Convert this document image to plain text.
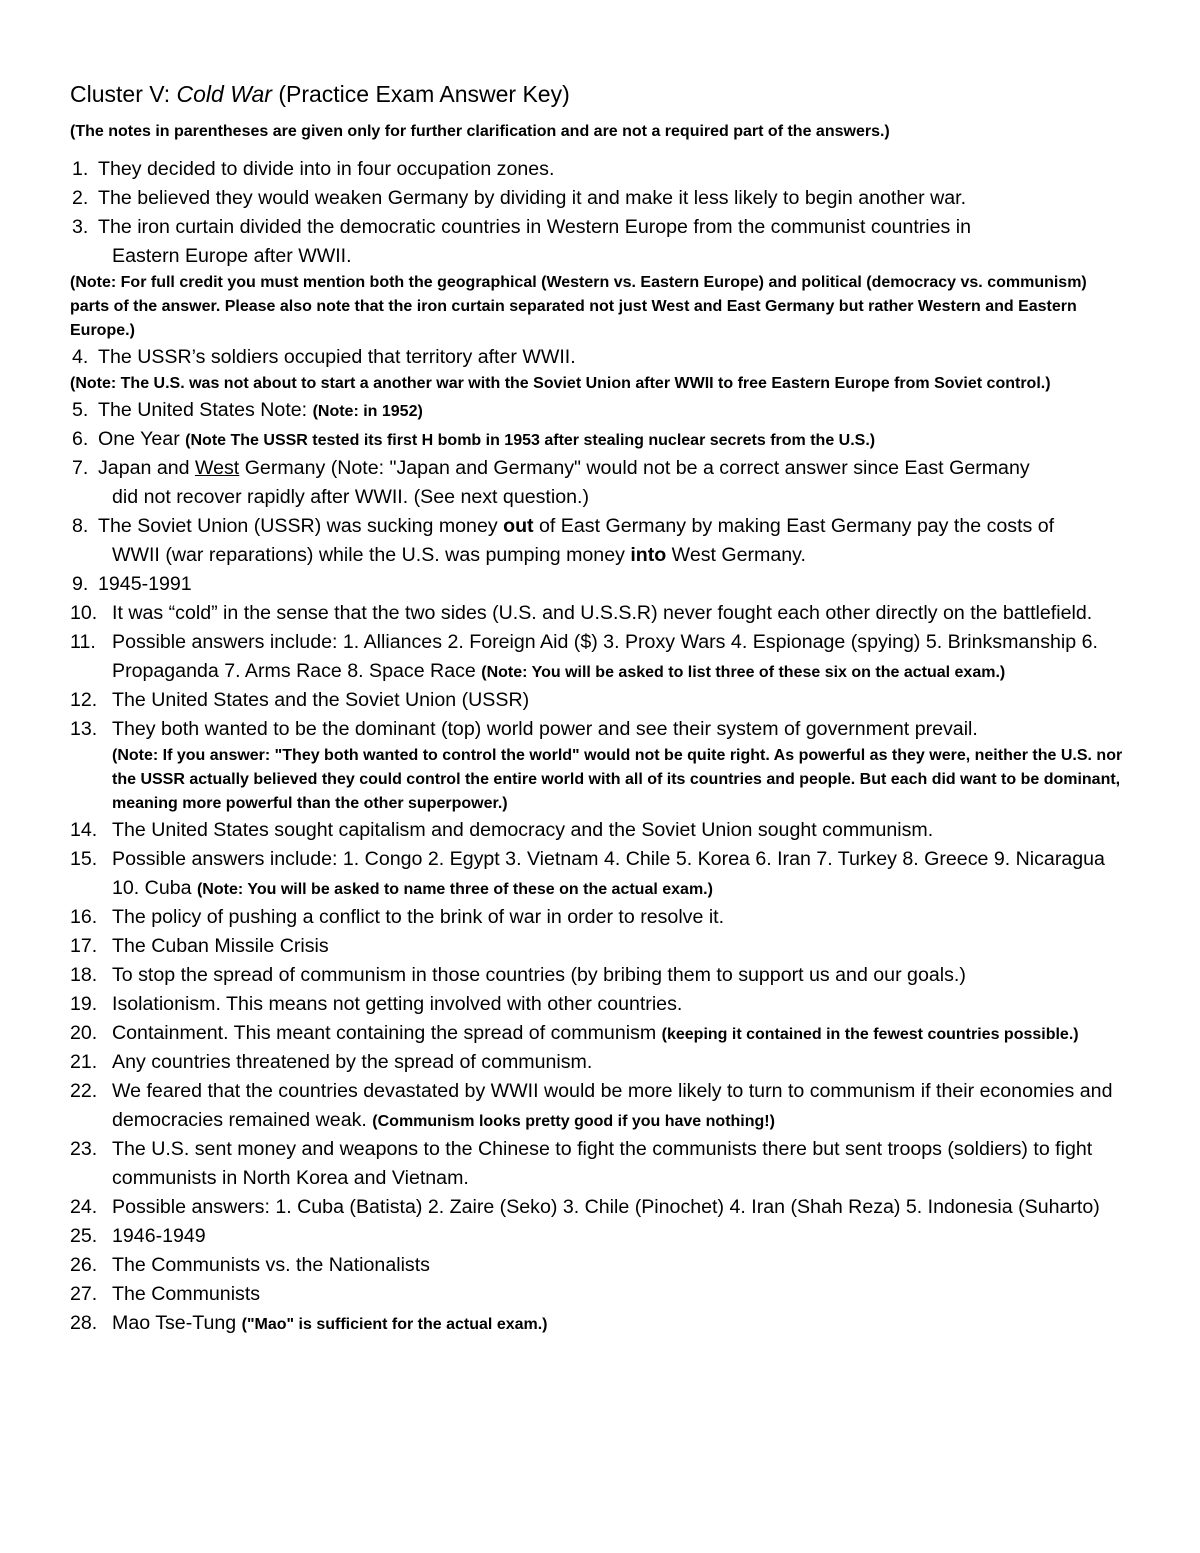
Cluster V: Cold War (Practice Exam Answer Key)

(The notes in parentheses are given only for further clarification and are not a required part of the answers.)

1. They decided to divide into in four occupation zones.
2. The believed they would weaken Germany by dividing it and make it less likely to begin another war.
3. The iron curtain divided the democratic countries in Western Europe from the communist countries in
Eastern Europe after WWII.

(Note: For full credit you must mention both the geographical (Western vs. Eastern Europe) and political (democracy vs. communism) parts of the answer. Please also note that the iron curtain separated not just West and East Germany but rather Western and Eastern Europe.)

4. The USSR’s soldiers occupied that territory after WWII.

(Note: The U.S. was not about to start a another war with the Soviet Union after WWII to free Eastern Europe from Soviet control.)

5. The United States Note: (Note: in 1952)
6. One Year (Note The USSR tested its first H bomb in 1953 after stealing nuclear secrets from the U.S.)
7. Japan and West Germany (Note: "Japan and Germany" would not be a correct answer since East Germany
did not recover rapidly after WWII. (See next question.)
8. The Soviet Union (USSR) was sucking money out of East Germany by making East Germany pay the costs of
WWII (war reparations) while the U.S. was pumping money into West Germany.
9. 1945-1991
10. It was “cold” in the sense that the two sides (U.S. and U.S.S.R) never fought each other directly on the battlefield.
11. Possible answers include: 1. Alliances 2. Foreign Aid ($) 3. Proxy Wars 4. Espionage (spying) 5. Brinksmanship 6. Propaganda 7. Arms Race 8. Space Race (Note: You will be asked to list three of these six on the actual exam.)
12. The United States and the Soviet Union (USSR)
13. They both wanted to be the dominant (top) world power and see their system of government prevail.
(Note: If you answer: "They both wanted to control the world" would not be quite right. As powerful as they were, neither the U.S. nor the USSR actually believed they could control the entire world with all of its countries and people. But each did want to be dominant, meaning more powerful than the other superpower.)
14. The United States sought capitalism and democracy and the Soviet Union sought communism.
15. Possible answers include: 1. Congo 2. Egypt 3. Vietnam 4. Chile 5. Korea 6. Iran 7. Turkey 8. Greece 9. Nicaragua 10. Cuba (Note: You will be asked to name three of these on the actual exam.)
16. The policy of pushing a conflict to the brink of war in order to resolve it.
17. The Cuban Missile Crisis
18. To stop the spread of communism in those countries (by bribing them to support us and our goals.)
19. Isolationism. This means not getting involved with other countries.
20. Containment. This meant containing the spread of communism (keeping it contained in the fewest countries possible.)
21. Any countries threatened by the spread of communism.
22. We feared that the countries devastated by WWII would be more likely to turn to communism if their economies and democracies remained weak. (Communism looks pretty good if you have nothing!)
23. The U.S. sent money and weapons to the Chinese to fight the communists there but sent troops (soldiers) to fight communists in North Korea and Vietnam.
24. Possible answers: 1. Cuba (Batista) 2. Zaire (Seko) 3. Chile (Pinochet) 4. Iran (Shah Reza) 5. Indonesia (Suharto)
25. 1946-1949
26. The Communists vs. the Nationalists
27. The Communists
28. Mao Tse-Tung ("Mao" is sufficient for the actual exam.)
